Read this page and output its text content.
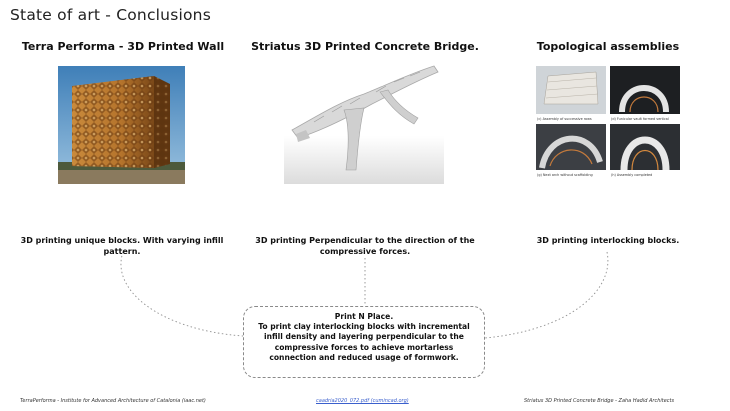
State of art - Conclusions
Terra Performa - 3D Printed Wall	Striatus 3D Printed Concrete Bridge.	Topological assemblies
(c) Assembly of successive rows	(d) Funicular vault formed vertical
(g) Next arch without scaffolding	(h) Assembly completed
3D printing unique blocks. With varying infill pattern.
3D printing Perpendicular to the direction of the compressive forces.
3D printing interlocking blocks.
Print N Place.
To print clay interlocking blocks with incremental infill density and layering perpendicular to the compressive forces to achieve mortarless connection and reduced usage of formwork.
TerraPerforma - Institute for Advanced Architecture of Catalonia (iaac.net)	caadria2020_072.pdf (cumincad.org)	Striatus 3D Printed Concrete Bridge - Zaha Hadid Architects
